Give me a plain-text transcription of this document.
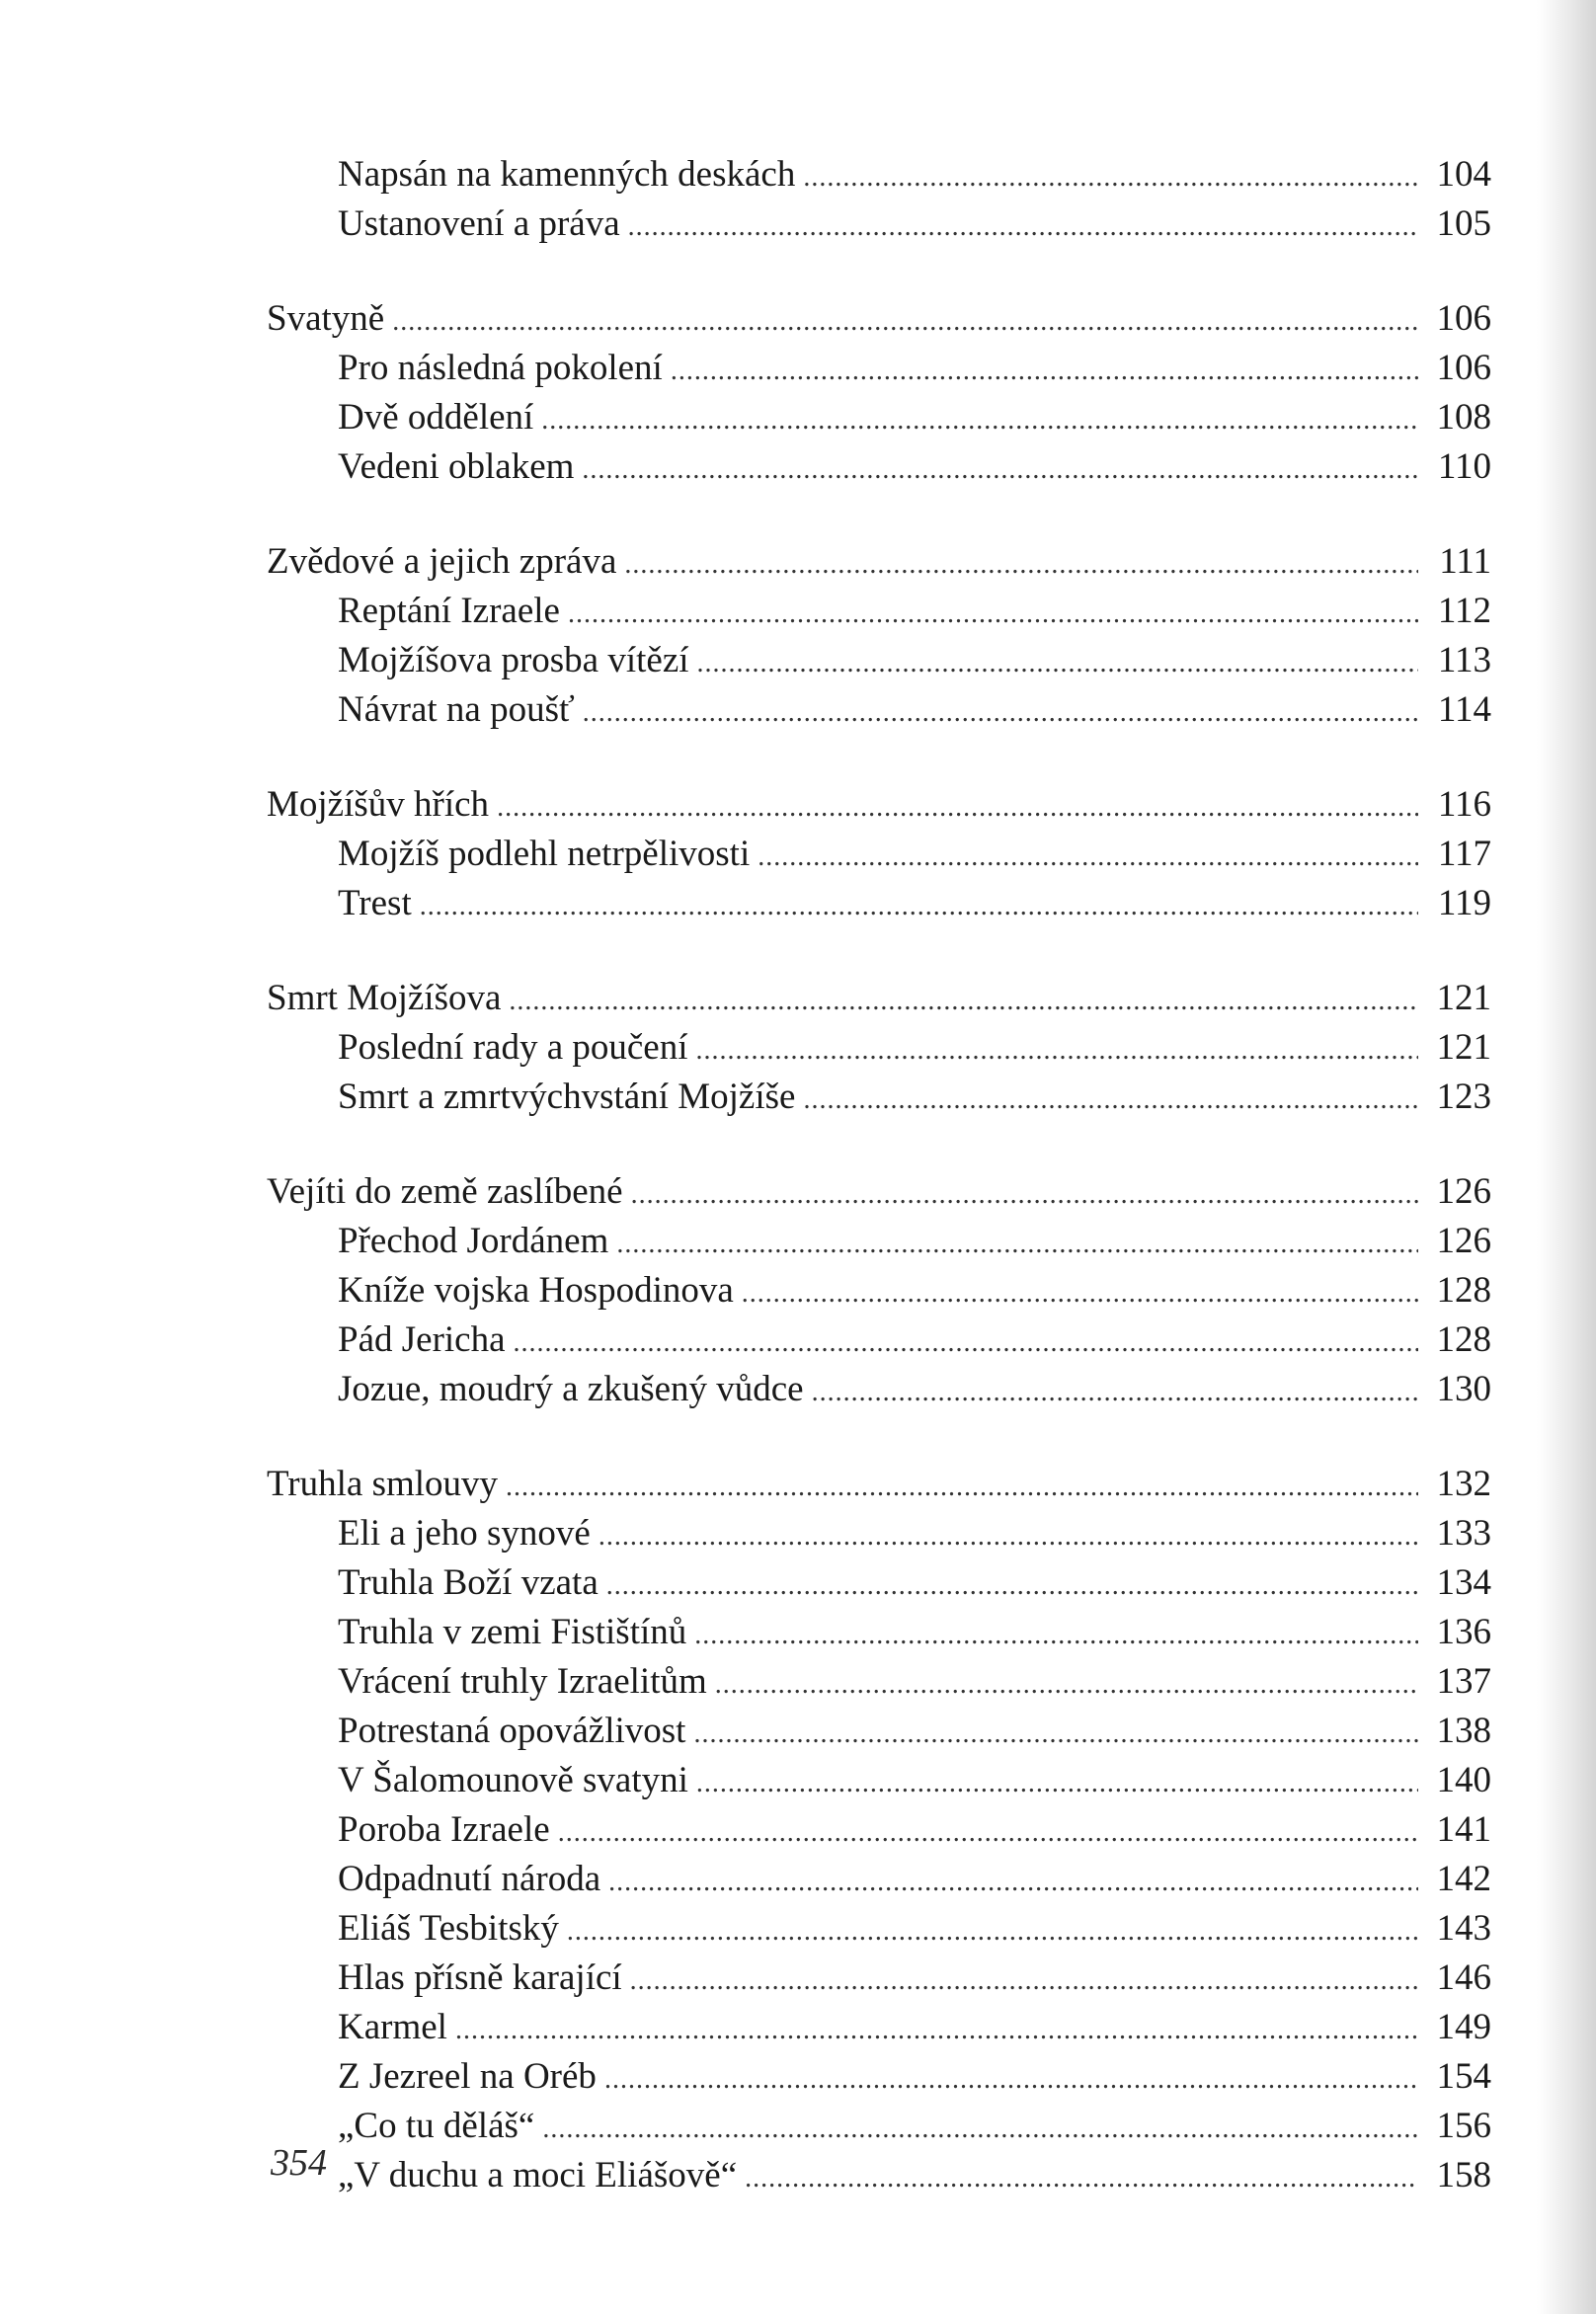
Napsán na kamenných deskách .....	104
Ustanovení a práva .....	105
Svatyně .....	106
Pro následná pokolení .....	106
Dvě oddělení .....	108
Vedeni oblakem .....	110
Zvědové a jejich zpráva .....	111
Reptání Izraele .....	112
Mojžíšova prosba vítězí .....	113
Návrat na poušť .....	114
Mojžíšův hřích .....	116
Mojžíš podlehl netrpělivosti .....	117
Trest .....	119
Smrt Mojžíšova .....	121
Poslední rady a poučení .....	121
Smrt a zmrtvýchvstání Mojžíše .....	123
Vejíti do země zaslíbené .....	126
Přechod Jordánem .....	126
Kníže vojska Hospodinova .....	128
Pád Jericha .....	128
Jozue, moudrý a zkušený vůdce .....	130
Truhla smlouvy .....	132
Eli a jeho synové .....	133
Truhla Boží vzata .....	134
Truhla v zemi Fistištínů .....	136
Vrácení truhly Izraelitům .....	137
Potrestaná opovážlivost .....	138
V Šalomounově svatyni .....	140
Poroba Izraele .....	141
Odpadnutí národa .....	142
Eliáš Tesbitský .....	143
Hlas přísně karající .....	146
Karmel .....	149
Z Jezreel na Oréb .....	154
„Co tu děláš“ .....	156
„V duchu a moci Eliášově“ .....	158
354
